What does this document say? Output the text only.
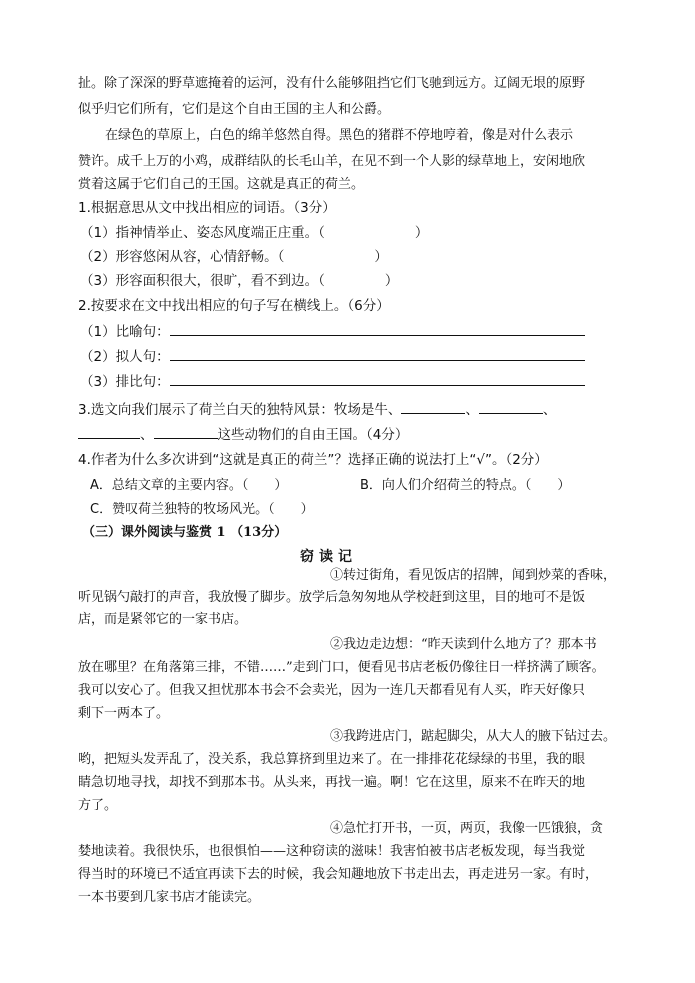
扯。除了深深的野草遮掩着的运河，没有什么能够阻挡它们飞驰到远方。辽阔无垠的原野
似乎归它们所有，它们是这个自由王国的主人和公爵。
在绿色的草原上，白色的绵羊悠然自得。黑色的猪群不停地哼着，像是对什么表示
赞许。成千上万的小鸡，成群结队的长毛山羊，在见不到一个人影的绿草地上，安闲地欣
赏着这属于它们自己的王国。这就是真正的荷兰。
1.根据意思从文中找出相应的词语。（3分）
（1）指神情举止、姿态风度端正庄重。（	）
（2）形容悠闲从容，心情舒畅。（	）
（3）形容面积很大，很旷，看不到边。（	）
2.按要求在文中找出相应的句子写在横线上。（6分）
（1）比喻句：
（2）拟人句：
（3）排比句：
3.选文向我们展示了荷兰白天的独特风景：牧场是牛、	、	、
、	这些动物们的自由王国。（4分）
4.作者为什么多次讲到“这就是真正的荷兰”？选择正确的说法打上“√”。（2分）
A．总结文章的主要内容。（　　）	B．向人们介绍荷兰的特点。（　　）
C．赞叹荷兰独特的牧场风光。（　　）
（三）课外阅读与鉴赏 1 （13分）
窃读记
①转过街角，看见饭店的招牌，闻到炒菜的香味，
听见锅勺敲打的声音，我放慢了脚步。放学后急匆匆地从学校赶到这里，目的地可不是饭
店，而是紧邻它的一家书店。
②我边走边想：“昨天读到什么地方了？那本书
放在哪里？在角落第三排，不错……”走到门口，便看见书店老板仍像往日一样挤满了顾客。
我可以安心了。但我又担忧那本书会不会卖光，因为一连几天都看见有人买，昨天好像只
剩下一两本了。
③我跨进店门，踮起脚尖，从大人的腋下钻过去。
哟，把短头发弄乱了，没关系，我总算挤到里边来了。在一排排花花绿绿的书里，我的眼
睛急切地寻找，却找不到那本书。从头来，再找一遍。啊！它在这里，原来不在昨天的地
方了。
④急忙打开书，一页，两页，我像一匹饿狼，贪
婪地读着。我很快乐，也很惧怕——这种窃读的滋味！我害怕被书店老板发现，每当我觉
得当时的环境已不适宜再读下去的时候，我会知趣地放下书走出去，再走进另一家。有时，
一本书要到几家书店才能读完。
